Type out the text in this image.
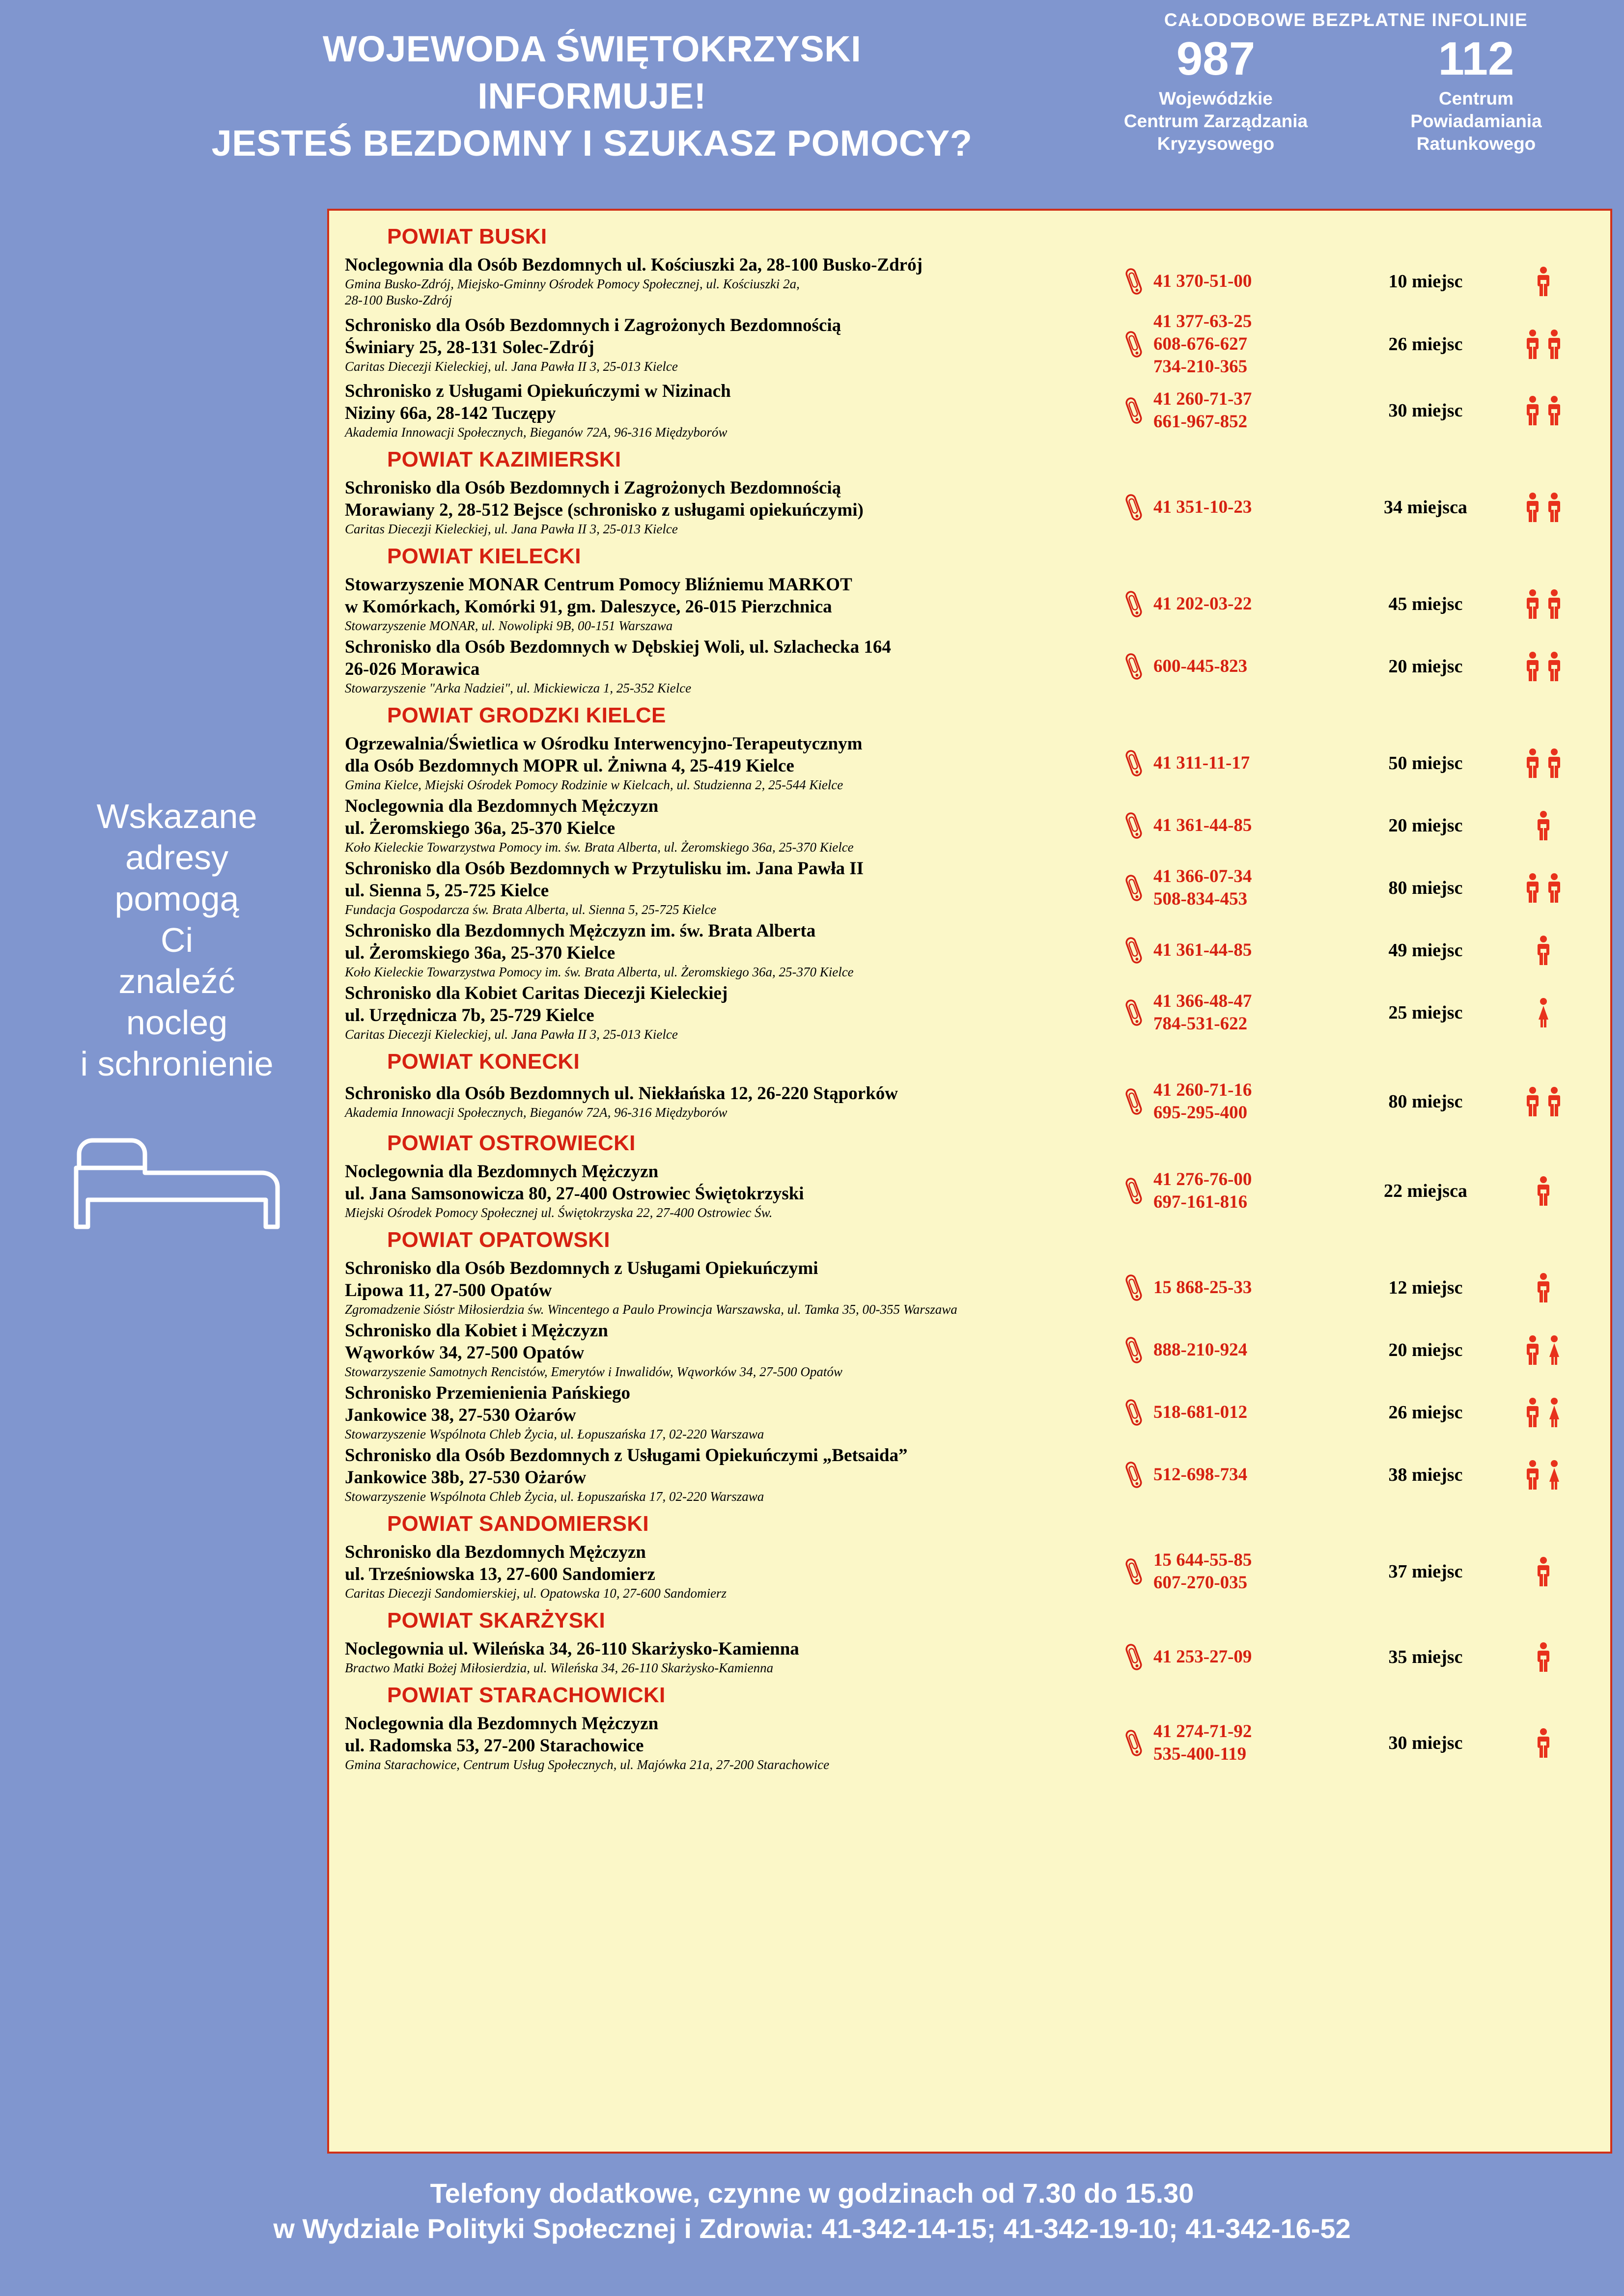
WOJEWODA ŚWIĘTOKRZYSKI
INFORMUJE!
JESTEŚ BEZDOMNY I SZUKASZ POMOCY?
CAŁODOBOWE BEZPŁATNE INFOLINIE
987
Wojewódzkie
Centrum Zarządzania
Kryzysowego
112
Centrum
Powiadamiania
Ratunkowego
Wskazane
adresy
pomogą
Ci
znaleźć
nocleg
i schronienie
POWIAT BUSKI
Noclegownia dla Osób Bezdomnych ul. Kościuszki 2a, 28-100 Busko-Zdrój
Gmina Busko-Zdrój, Miejsko-Gminny Ośrodek Pomocy Społecznej, ul. Kościuszki 2a,
28-100 Busko-Zdrój
41 370-51-00	10 miejsc
Schronisko dla Osób Bezdomnych i Zagrożonych Bezdomnością
Świniary 25, 28-131 Solec-Zdrój
Caritas Diecezji Kieleckiej, ul. Jana Pawła II 3, 25-013 Kielce
41 377-63-25
608-676-627
734-210-365
26 miejsc
Schronisko z Usługami Opiekuńczymi w Nizinach
Niziny 66a, 28-142 Tuczępy
Akademia Innowacji Społecznych, Bieganów 72A, 96-316 Międzyborów
41 260-71-37
661-967-852
30 miejsc
POWIAT KAZIMIERSKI
Schronisko dla Osób Bezdomnych i Zagrożonych Bezdomnością
Morawiany 2, 28-512 Bejsce (schronisko z usługami opiekuńczymi)
Caritas Diecezji Kieleckiej, ul. Jana Pawła II 3, 25-013 Kielce
41 351-10-23	34 miejsca
POWIAT KIELECKI
Stowarzyszenie MONAR Centrum Pomocy Bliźniemu MARKOT
w Komórkach, Komórki 91, gm. Daleszyce, 26-015 Pierzchnica
Stowarzyszenie MONAR, ul. Nowolipki 9B, 00-151 Warszawa
41 202-03-22	45 miejsc
Schronisko dla Osób Bezdomnych w Dębskiej Woli, ul. Szlachecka 164
26-026 Morawica
Stowarzyszenie "Arka Nadziei", ul. Mickiewicza 1, 25-352 Kielce
600-445-823	20 miejsc
POWIAT GRODZKI KIELCE
Ogrzewalnia/Świetlica w Ośrodku Interwencyjno-Terapeutycznym
dla Osób Bezdomnych MOPR ul. Żniwna 4, 25-419 Kielce
Gmina Kielce, Miejski Ośrodek Pomocy Rodzinie w Kielcach, ul. Studzienna 2, 25-544 Kielce
41 311-11-17	50 miejsc
Noclegownia dla Bezdomnych Mężczyzn
ul. Żeromskiego 36a, 25-370 Kielce
Koło Kieleckie Towarzystwa Pomocy im. św. Brata Alberta, ul. Żeromskiego 36a, 25-370 Kielce
41 361-44-85	20 miejsc
Schronisko dla Osób Bezdomnych w Przytulisku im. Jana Pawła II
ul. Sienna 5, 25-725 Kielce
Fundacja Gospodarcza św. Brata Alberta, ul. Sienna 5, 25-725 Kielce
41 366-07-34
508-834-453
80 miejsc
Schronisko dla Bezdomnych Mężczyzn im. św. Brata Alberta
ul. Żeromskiego 36a, 25-370 Kielce
Koło Kieleckie Towarzystwa Pomocy im. św. Brata Alberta, ul. Żeromskiego 36a, 25-370 Kielce
41 361-44-85	49 miejsc
Schronisko dla Kobiet Caritas Diecezji Kieleckiej
ul. Urzędnicza 7b, 25-729 Kielce
Caritas Diecezji Kieleckiej, ul. Jana Pawła II 3, 25-013 Kielce
41 366-48-47
784-531-622
25 miejsc
POWIAT KONECKI
Schronisko dla Osób Bezdomnych ul. Niekłańska 12, 26-220 Stąporków
Akademia Innowacji Społecznych, Bieganów 72A, 96-316 Międzyborów
41 260-71-16
695-295-400
80 miejsc
POWIAT OSTROWIECKI
Noclegownia dla Bezdomnych Mężczyzn
ul. Jana Samsonowicza 80, 27-400 Ostrowiec Świętokrzyski
Miejski Ośrodek Pomocy Społecznej ul. Świętokrzyska 22, 27-400 Ostrowiec Św.
41 276-76-00
697-161-816
22 miejsca
POWIAT OPATOWSKI
Schronisko dla Osób Bezdomnych z Usługami Opiekuńczymi
Lipowa 11, 27-500 Opatów
Zgromadzenie Sióstr Miłosierdzia św. Wincentego a Paulo Prowincja Warszawska, ul. Tamka 35, 00-355 Warszawa
15 868-25-33	12 miejsc
Schronisko dla Kobiet i Mężczyzn
Wąworków 34, 27-500 Opatów
Stowarzyszenie Samotnych Rencistów, Emerytów i Inwalidów, Wąworków 34, 27-500 Opatów
888-210-924	20 miejsc
Schronisko Przemienienia Pańskiego
Jankowice 38, 27-530 Ożarów
Stowarzyszenie Wspólnota Chleb Życia, ul. Łopuszańska 17, 02-220 Warszawa
518-681-012	26 miejsc
Schronisko dla Osób Bezdomnych z Usługami Opiekuńczymi „Betsaida”
Jankowice 38b, 27-530 Ożarów
Stowarzyszenie Wspólnota Chleb Życia, ul. Łopuszańska 17, 02-220 Warszawa
512-698-734	38 miejsc
POWIAT SANDOMIERSKI
Schronisko dla Bezdomnych Mężczyzn
ul. Trześniowska 13, 27-600 Sandomierz
Caritas Diecezji Sandomierskiej, ul. Opatowska 10, 27-600 Sandomierz
15 644-55-85
607-270-035
37 miejsc
POWIAT SKARŻYSKI
Noclegownia ul. Wileńska 34, 26-110 Skarżysko-Kamienna
Bractwo Matki Bożej Miłosierdzia, ul. Wileńska 34, 26-110 Skarżysko-Kamienna
41 253-27-09	35 miejsc
POWIAT STARACHOWICKI
Noclegownia dla Bezdomnych Mężczyzn
ul. Radomska 53, 27-200 Starachowice
Gmina Starachowice, Centrum Usług Społecznych, ul. Majówka 21a, 27-200 Starachowice
41 274-71-92
535-400-119
30 miejsc
Telefony dodatkowe, czynne w godzinach od 7.30 do 15.30
w Wydziale Polityki Społecznej i Zdrowia: 41-342-14-15; 41-342-19-10; 41-342-16-52
